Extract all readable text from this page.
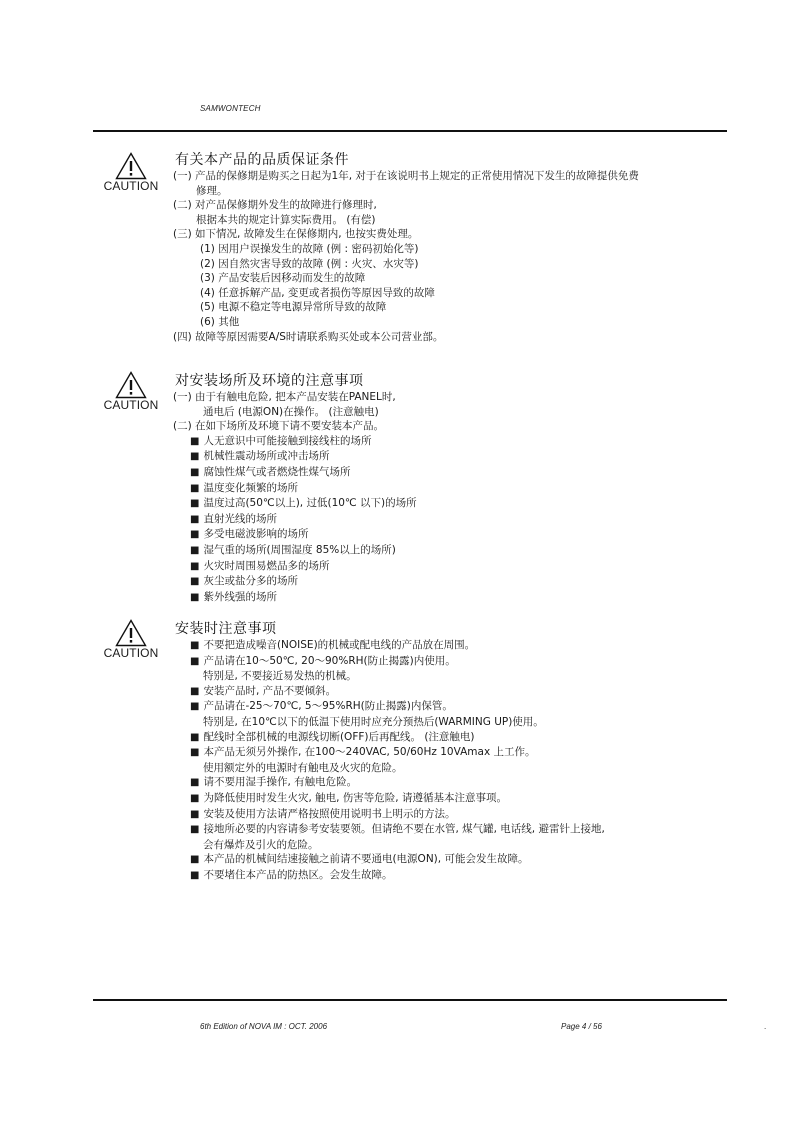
SAMWONTECH
CAUTION
有关本产品的品质保证条件
(一) 产品的保修期是购买之日起为1年, 对于在该说明书上规定的正常使用情况下发生的故障提供免费
修理。
(二) 对产品保修期外发生的故障进行修理时,
根据本共的规定计算实际费用。 (有偿)
(三) 如下情况, 故障发生在保修期内, 也按实费处理。
(1) 因用户误操发生的故障 (例 : 密码初始化等)
(2) 因自然灾害导致的故障 (例 : 火灾、水灾等)
(3) 产品安装后因移动而发生的故障
(4) 任意拆解产品, 变更或者损伤等原因导致的故障
(5) 电源不稳定等电源异常所导致的故障
(6) 其他
(四) 故障等原因需要A/S时请联系购买处或本公司营业部。
CAUTION
对安装场所及环境的注意事项
(一) 由于有触电危险, 把本产品安装在PANEL时,
通电后 (电源ON)在操作。 (注意触电)
(二) 在如下场所及环境下请不要安装本产品。
■ 人无意识中可能接触到接线柱的场所
■ 机械性震动场所或冲击场所
■ 腐蚀性煤气或者燃烧性煤气场所
■ 温度变化频繁的场所
■ 温度过高(50℃以上), 过低(10℃ 以下)的场所
■ 直射光线的场所
■ 多受电磁波影响的场所
■ 湿气重的场所(周围湿度 85%以上的场所)
■ 火灾时周围易燃品多的场所
■ 灰尘或盐分多的场所
■ 紫外线强的场所
CAUTION
安装时注意事项
■ 不要把造成噪音(NOISE)的机械或配电线的产品放在周围。
■ 产品请在10～50℃, 20～90%RH(防止揭露)内使用。
特别是, 不要接近易发热的机械。
■ 安装产品时, 产品不要倾斜。
■ 产品请在-25～70℃, 5～95%RH(防止揭露)内保管。
特别是, 在10℃以下的低温下使用时应充分预热后(WARMING UP)使用。
■ 配线时全部机械的电源线切断(OFF)后再配线。 (注意触电)
■ 本产品无须另外操作, 在100～240VAC, 50/60Hz 10VAmax 上工作。
使用额定外的电源时有触电及火灾的危险。
■ 请不要用湿手操作, 有触电危险。
■ 为降低使用时发生火灾, 触电, 伤害等危险, 请遵循基本注意事项。
■ 安装及使用方法请严格按照使用说明书上明示的方法。
■ 接地所必要的内容请参考安装要领。但请绝不要在水管, 煤气罐, 电话线, 避雷针上接地,
会有爆炸及引火的危险。
■ 本产品的机械间结速接触之前请不要通电(电源ON), 可能会发生故障。
■ 不要堵住本产品的防热区。会发生故障。
6th Edition of NOVA IM : OCT. 2006	Page 4 / 56	.
